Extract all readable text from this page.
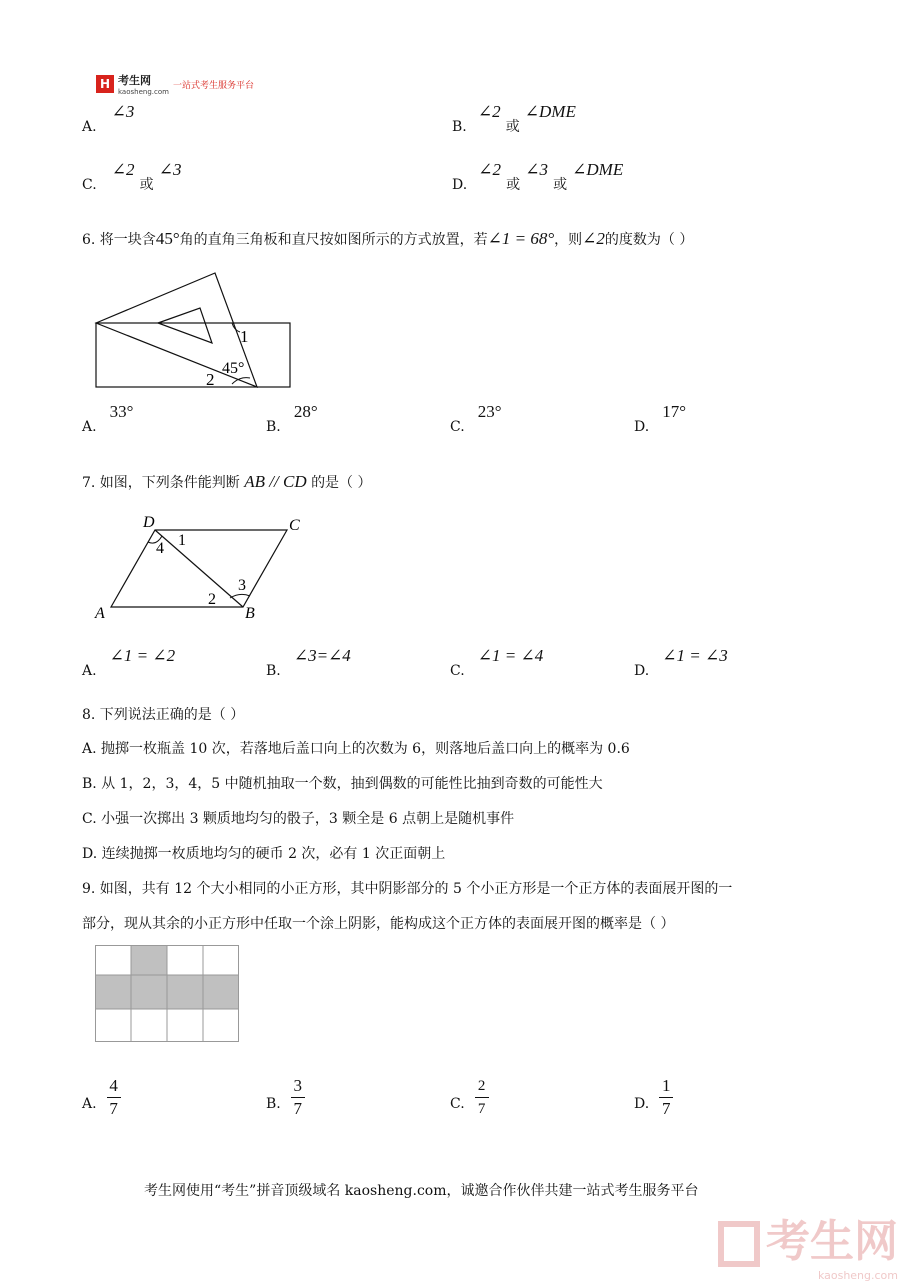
H 考生网
kaosheng.com
一站式考生服务平台
A. ∠3
B. ∠2 或 ∠DME
C. ∠2 或 ∠3
D. ∠2 或 ∠3 或 ∠DME
6. 将一块含45°角的直角三角板和直尺按如图所示的方式放置，若∠1 = 68°，则∠2的度数为（ ）
1
2
45°
A. 33°
B. 28°
C. 23°
D. 17°
7. 如图，下列条件能判断 AB // CD 的是（ ）
D	C
A	B
1
4
3
2
A. ∠1 = ∠2
B. ∠3=∠4
C. ∠1 = ∠4
D. ∠1 = ∠3
8. 下列说法正确的是（ ）
A. 抛掷一枚瓶盖 10 次，若落地后盖口向上的次数为 6，则落地后盖口向上的概率为 0.6
B. 从 1，2，3，4，5 中随机抽取一个数，抽到偶数的可能性比抽到奇数的可能性大
C. 小强一次掷出 3 颗质地均匀的骰子，3 颗全是 6 点朝上是随机事件
D. 连续抛掷一枚质地均匀的硬币 2 次，必有 1 次正面朝上
9. 如图，共有 12 个大小相同的小正方形，其中阴影部分的 5 个小正方形是一个正方体的表面展开图的一
部分，现从其余的小正方形中任取一个涂上阴影，能构成这个正方体的表面展开图的概率是（ ）
A. $\frac{4}{7}$	B. $\frac{3}{7}$	C. $\frac{2}{7}$	D. $\frac{1}{7}$
考生网使用“考生”拼音顶级域名 kaosheng.com，诚邀合作伙伴共建一站式考生服务平台
考生网
kaosheng.com
